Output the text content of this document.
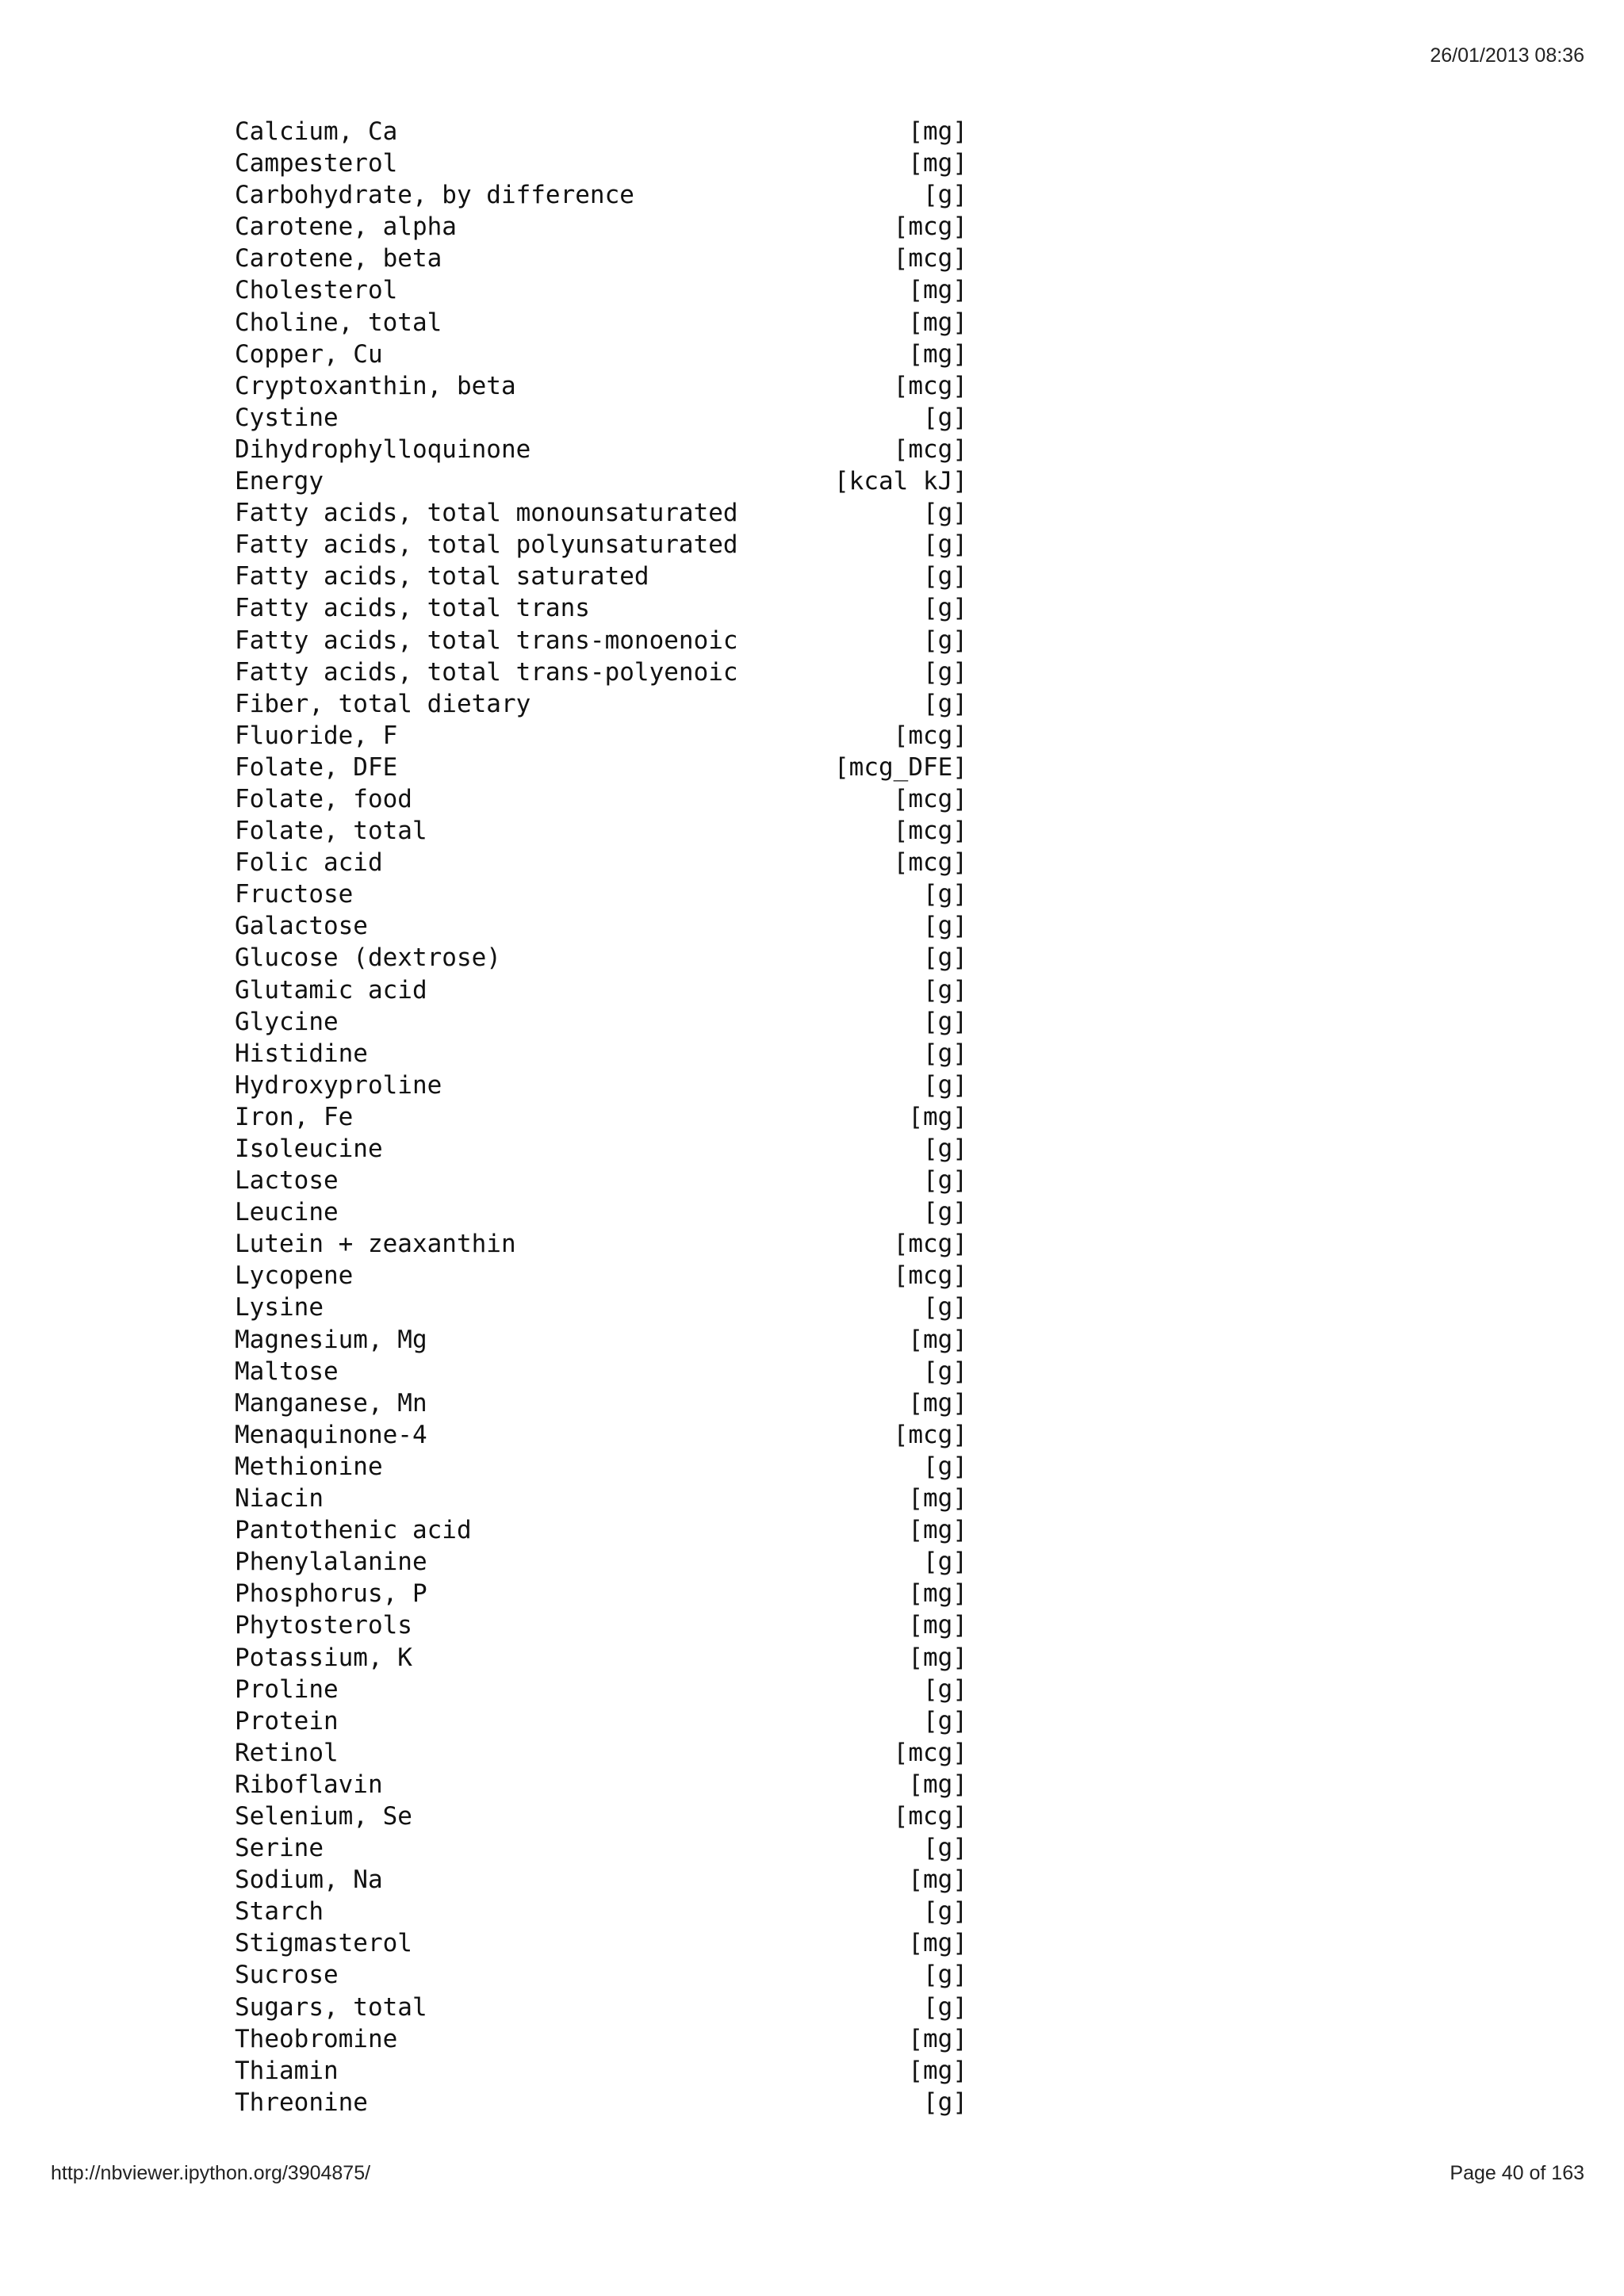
26/01/2013 08:36
Calcium, Ca	[mg]
Campesterol	[mg]
Carbohydrate, by difference	[g]
Carotene, alpha	[mcg]
Carotene, beta	[mcg]
Cholesterol	[mg]
Choline, total	[mg]
Copper, Cu	[mg]
Cryptoxanthin, beta	[mcg]
Cystine	[g]
Dihydrophylloquinone	[mcg]
Energy	[kcal kJ]
Fatty acids, total monounsaturated	[g]
Fatty acids, total polyunsaturated	[g]
Fatty acids, total saturated	[g]
Fatty acids, total trans	[g]
Fatty acids, total trans-monoenoic	[g]
Fatty acids, total trans-polyenoic	[g]
Fiber, total dietary	[g]
Fluoride, F	[mcg]
Folate, DFE	[mcg_DFE]
Folate, food	[mcg]
Folate, total	[mcg]
Folic acid	[mcg]
Fructose	[g]
Galactose	[g]
Glucose (dextrose)	[g]
Glutamic acid	[g]
Glycine	[g]
Histidine	[g]
Hydroxyproline	[g]
Iron, Fe	[mg]
Isoleucine	[g]
Lactose	[g]
Leucine	[g]
Lutein + zeaxanthin	[mcg]
Lycopene	[mcg]
Lysine	[g]
Magnesium, Mg	[mg]
Maltose	[g]
Manganese, Mn	[mg]
Menaquinone-4	[mcg]
Methionine	[g]
Niacin	[mg]
Pantothenic acid	[mg]
Phenylalanine	[g]
Phosphorus, P	[mg]
Phytosterols	[mg]
Potassium, K	[mg]
Proline	[g]
Protein	[g]
Retinol	[mcg]
Riboflavin	[mg]
Selenium, Se	[mcg]
Serine	[g]
Sodium, Na	[mg]
Starch	[g]
Stigmasterol	[mg]
Sucrose	[g]
Sugars, total	[g]
Theobromine	[mg]
Thiamin	[mg]
Threonine	[g]
http://nbviewer.ipython.org/3904875/	Page 40 of 163
